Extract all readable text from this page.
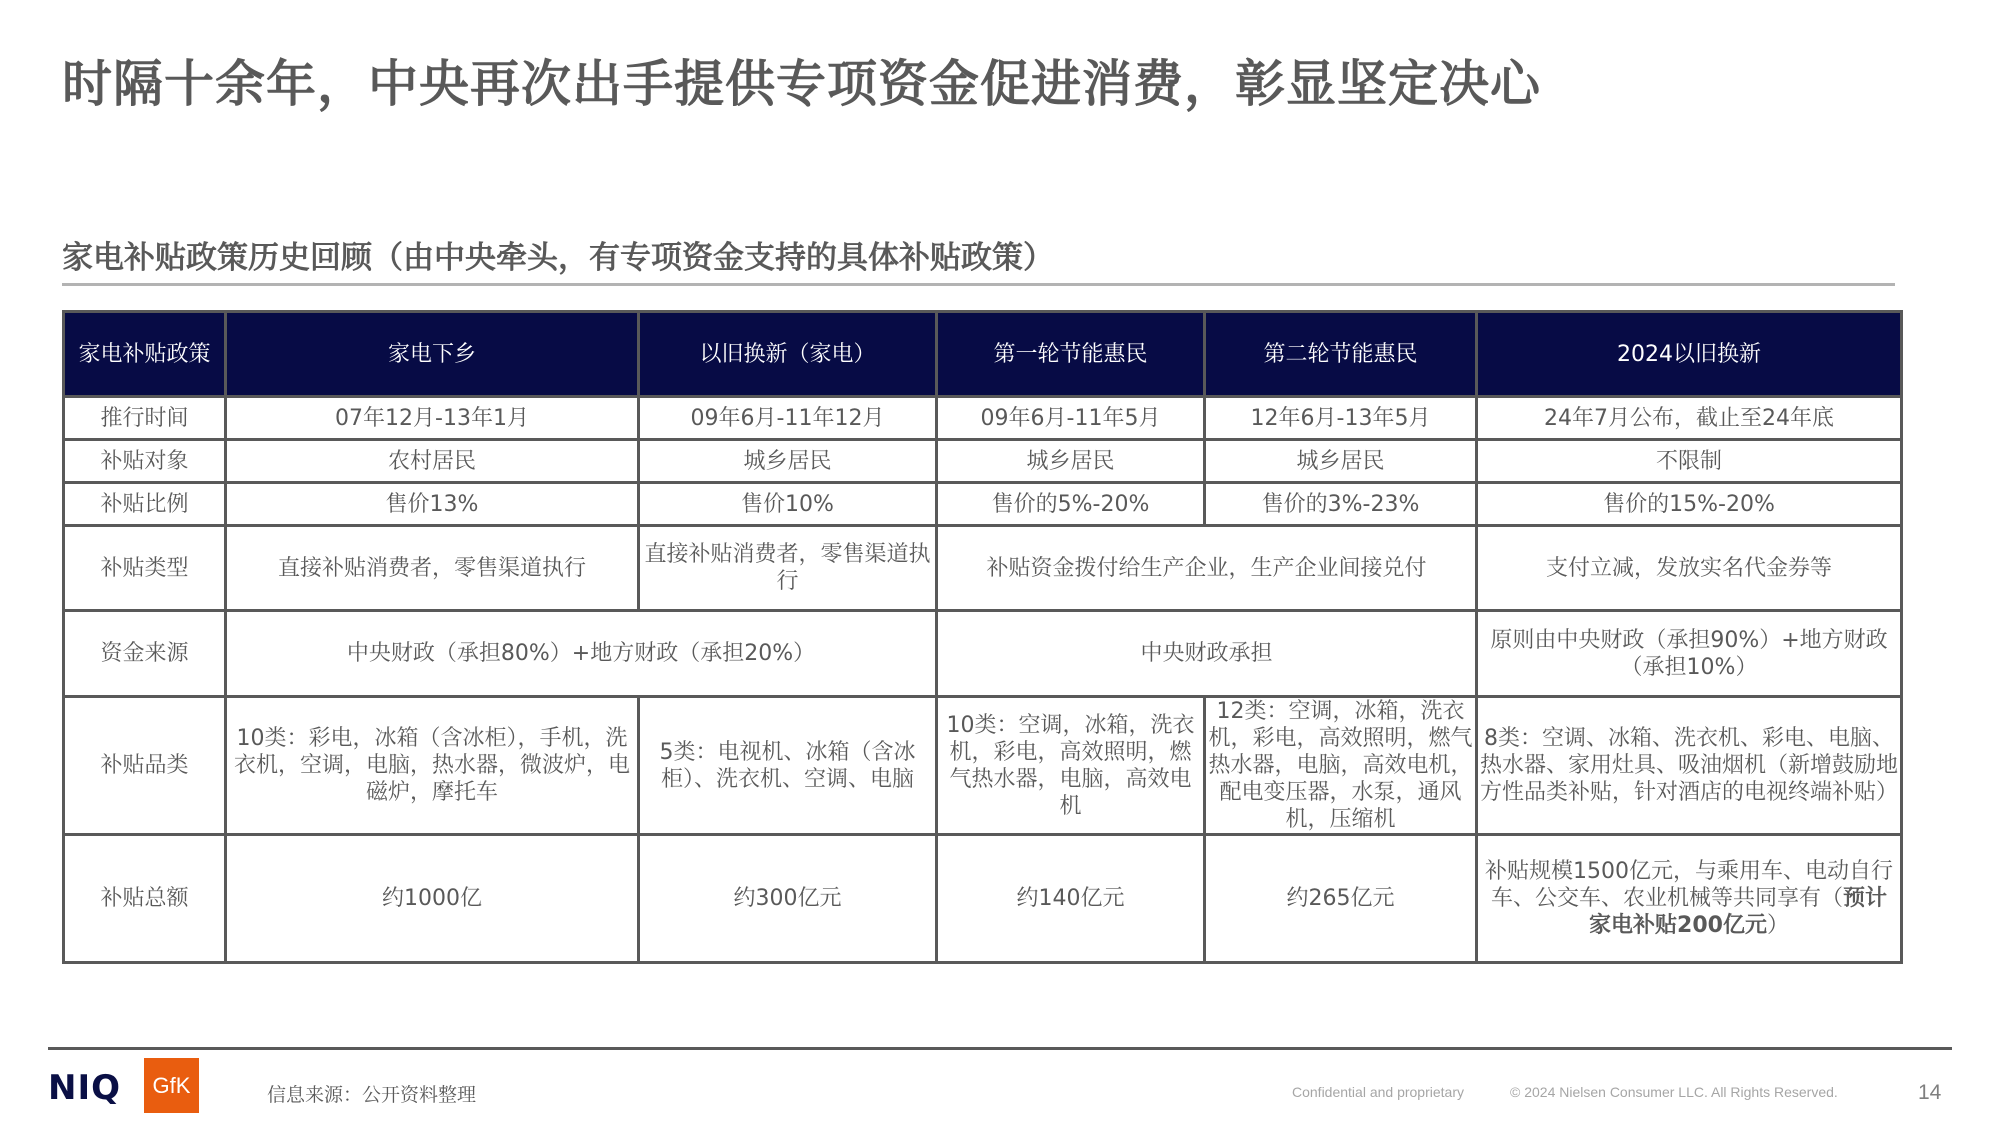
时隔十余年，中央再次出手提供专项资金促进消费，彰显坚定决心
家电补贴政策历史回顾（由中央牵头，有专项资金支持的具体补贴政策）
家电补贴政策	家电下乡	以旧换新（家电）	第一轮节能惠民	第二轮节能惠民	2024以旧换新
推行时间	07年12月-13年1月	09年6月-11年12月	09年6月-11年5月	12年6月-13年5月	24年7月公布，截止至24年底
补贴对象	农村居民	城乡居民	城乡居民	城乡居民	不限制
补贴比例	售价13%	售价10%	售价的5%-20%	售价的3%-23%	售价的15%-20%
补贴类型	直接补贴消费者，零售渠道执行	直接补贴消费者，零售渠道执行	补贴资金拨付给生产企业，生产企业间接兑付		支付立减，发放实名代金券等
资金来源	中央财政（承担80%）+地方财政（承担20%）		中央财政承担		原则由中央财政（承担90%）+地方财政（承担10%）
补贴品类	10类：彩电，冰箱（含冰柜），手机，洗衣机，空调，电脑，热水器，微波炉，电磁炉，摩托车	5类：电视机、冰箱（含冰柜）、洗衣机、空调、电脑	10类：空调，冰箱，洗衣机，彩电，高效照明，燃气热水器，电脑，高效电机	12类：空调，冰箱，洗衣机，彩电，高效照明，燃气热水器，电脑，高效电机，配电变压器，水泵，通风机，压缩机	8类：空调、冰箱、洗衣机、彩电、电脑、热水器、家用灶具、吸油烟机（新增鼓励地方性品类补贴，针对酒店的电视终端补贴）
补贴总额	约1000亿	约300亿元	约140亿元	约265亿元	补贴规模1500亿元，与乘用车、电动自行车、公交车、农业机械等共同享有（预计家电补贴200亿元）
NIQ GfK	信息来源：公开资料整理	Confidential and proprietary	© 2024 Nielsen Consumer LLC. All Rights Reserved.	14
